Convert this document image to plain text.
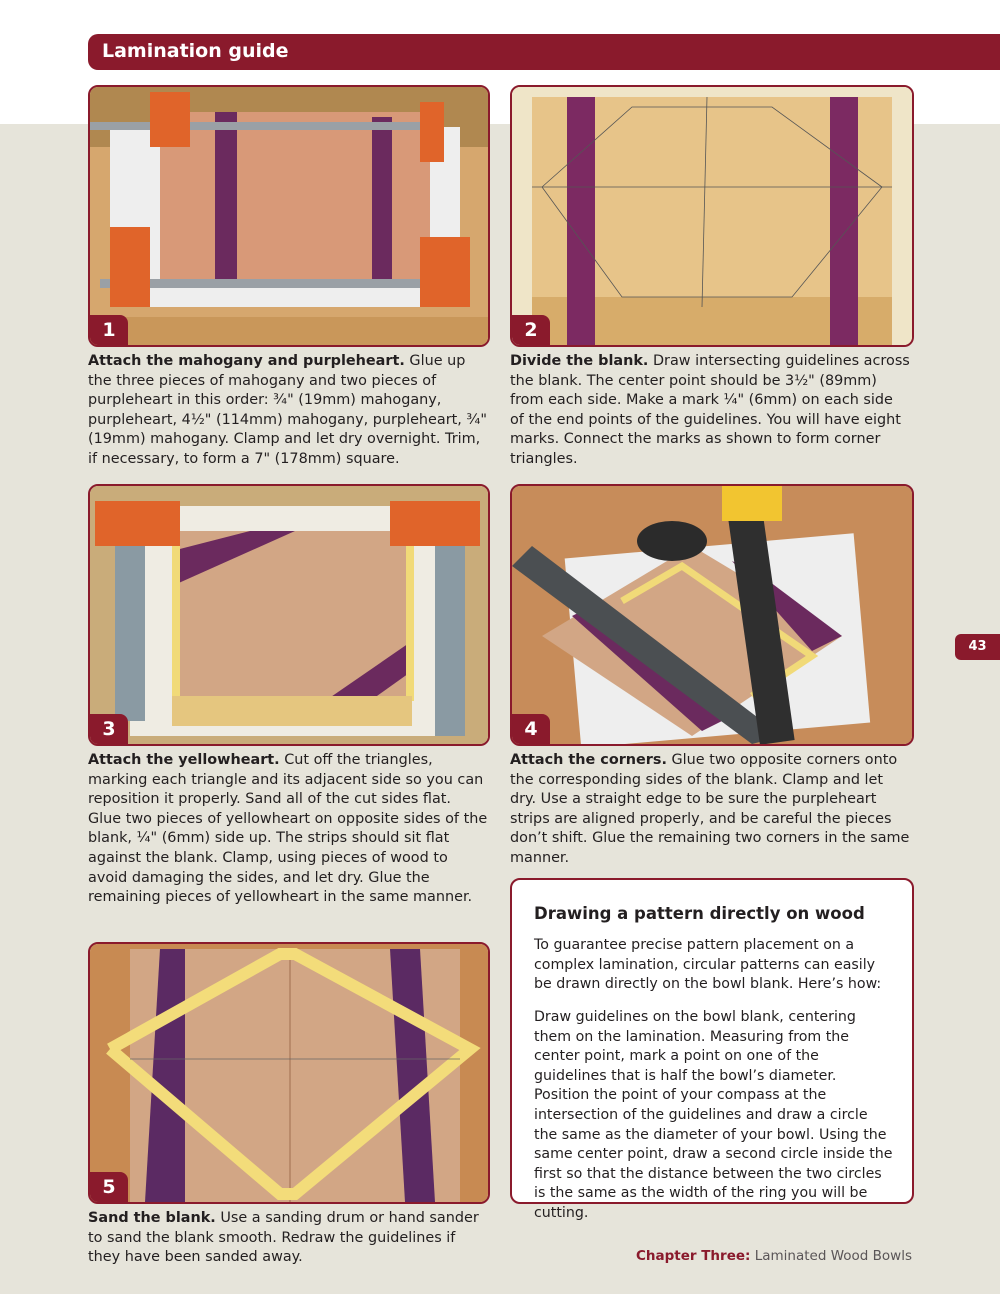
Lamination guide
1	2
Attach the mahogany and purpleheart. Glue up the three pieces of mahogany and two pieces of purpleheart in this order: ¾" (19mm) mahogany, purpleheart, 4½" (114mm) mahogany, purpleheart, ¾" (19mm) mahogany. Clamp and let dry overnight. Trim, if necessary, to form a 7" (178mm) square.
Divide the blank. Draw intersecting guidelines across the blank. The center point should be 3½" (89mm) from each side. Make a mark ¼" (6mm) on each side of the end points of the guidelines. You will have eight marks. Connect the marks as shown to form corner triangles.
3	4
Attach the yellowheart. Cut off the triangles, marking each triangle and its adjacent side so you can reposition it properly. Sand all of the cut sides flat. Glue two pieces of yellowheart on opposite sides of the blank, ¼" (6mm) side up. The strips should sit flat against the blank. Clamp, using pieces of wood to avoid damaging the sides, and let dry. Glue the remaining pieces of yellowheart in the same manner.
Attach the corners. Glue two opposite corners onto the corresponding sides of the blank. Clamp and let dry. Use a straight edge to be sure the purpleheart strips are aligned properly, and be careful the pieces don’t shift. Glue the remaining two corners in the same manner.
43
5
Sand the blank. Use a sanding drum or hand sander to sand the blank smooth. Redraw the guidelines if they have been sanded away.
Drawing a pattern directly on wood
To guarantee precise pattern placement on a complex lamination, circular patterns can easily be drawn directly on the bowl blank. Here’s how:
Draw guidelines on the bowl blank, centering them on the lamination. Measuring from the center point, mark a point on one of the guidelines that is half the bowl’s diameter. Position the point of your compass at the intersection of the guidelines and draw a circle the same as the diameter of your bowl. Using the same center point, draw a second circle inside the first so that the distance between the two circles is the same as the width of the ring you will be cutting.
Chapter Three: Laminated Wood Bowls
